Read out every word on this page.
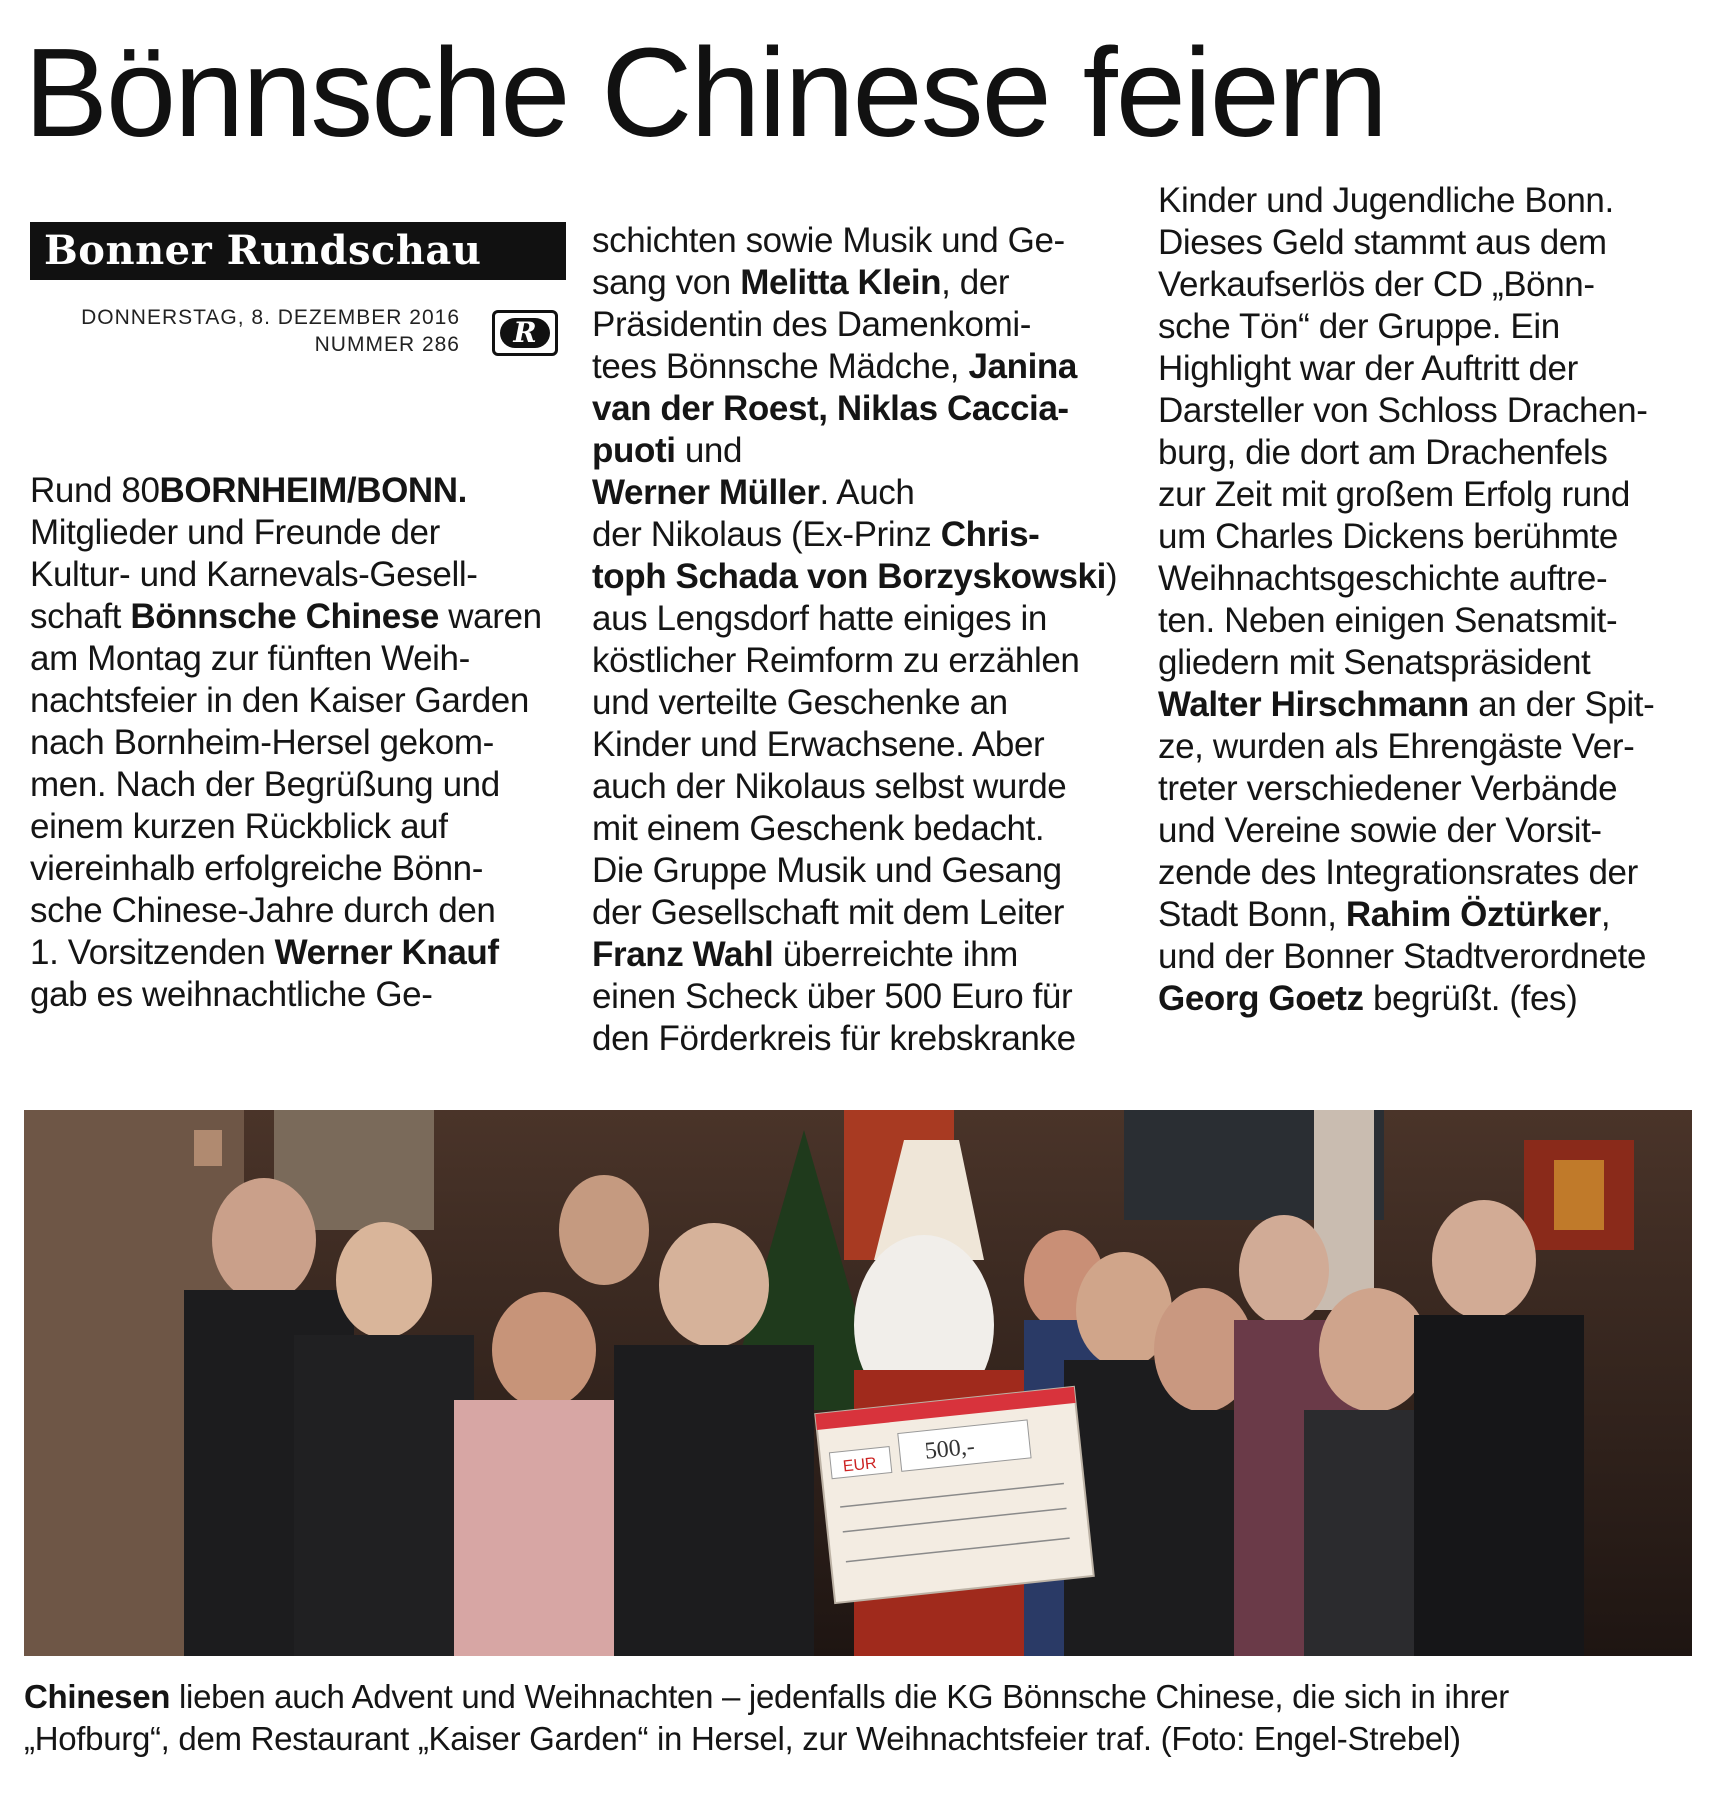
Bönnsche Chinese feiern
Bonner Rundschau
DONNERSTAG, 8. DEZEMBER 2016
NUMMER 286	R
Rund 80BORNHEIM/BONN.
Mitglieder und Freunde der
Kultur- und Karnevals-Gesell-
schaft Bönnsche Chinese waren
am Montag zur fünften Weih-
nachtsfeier in den Kaiser Garden
nach Bornheim-Hersel gekom-
men. Nach der Begrüßung und
einem kurzen Rückblick auf
viereinhalb erfolgreiche Bönn-
sche Chinese-Jahre durch den
1. Vorsitzenden Werner Knauf
gab es weihnachtliche Ge-
schichten sowie Musik und Ge-
sang von Melitta Klein, der
Präsidentin des Damenkomi-
tees Bönnsche Mädche, Janina
van der Roest, Niklas Caccia-
puoti und
Werner Müller. Auch
der Nikolaus (Ex-Prinz Chris-
toph Schada von Borzyskowski)
aus Lengsdorf hatte einiges in
köstlicher Reimform zu erzählen
und verteilte Geschenke an
Kinder und Erwachsene. Aber
auch der Nikolaus selbst wurde
mit einem Geschenk bedacht.
Die Gruppe Musik und Gesang
der Gesellschaft mit dem Leiter
Franz Wahl überreichte ihm
einen Scheck über 500 Euro für
den Förderkreis für krebskranke
Kinder und Jugendliche Bonn.
Dieses Geld stammt aus dem
Verkaufserlös der CD „Bönn-
sche Tön“ der Gruppe. Ein
Highlight war der Auftritt der
Darsteller von Schloss Drachen-
burg, die dort am Drachenfels
zur Zeit mit großem Erfolg rund
um Charles Dickens berühmte
Weihnachtsgeschichte auftre-
ten. Neben einigen Senatsmit-
gliedern mit Senatspräsident
Walter Hirschmann an der Spit-
ze, wurden als Ehrengäste Ver-
treter verschiedener Verbände
und Vereine sowie der Vorsit-
zende des Integrationsrates der
Stadt Bonn, Rahim Öztürker,
und der Bonner Stadtverordnete
Georg Goetz begrüßt. (fes)
EUR
500,-
Chinesen lieben auch Advent und Weihnachten – jedenfalls die KG Bönnsche Chinese, die sich in ihrer
„Hofburg“, dem Restaurant „Kaiser Garden“ in Hersel, zur Weihnachtsfeier traf. (Foto: Engel-Strebel)
